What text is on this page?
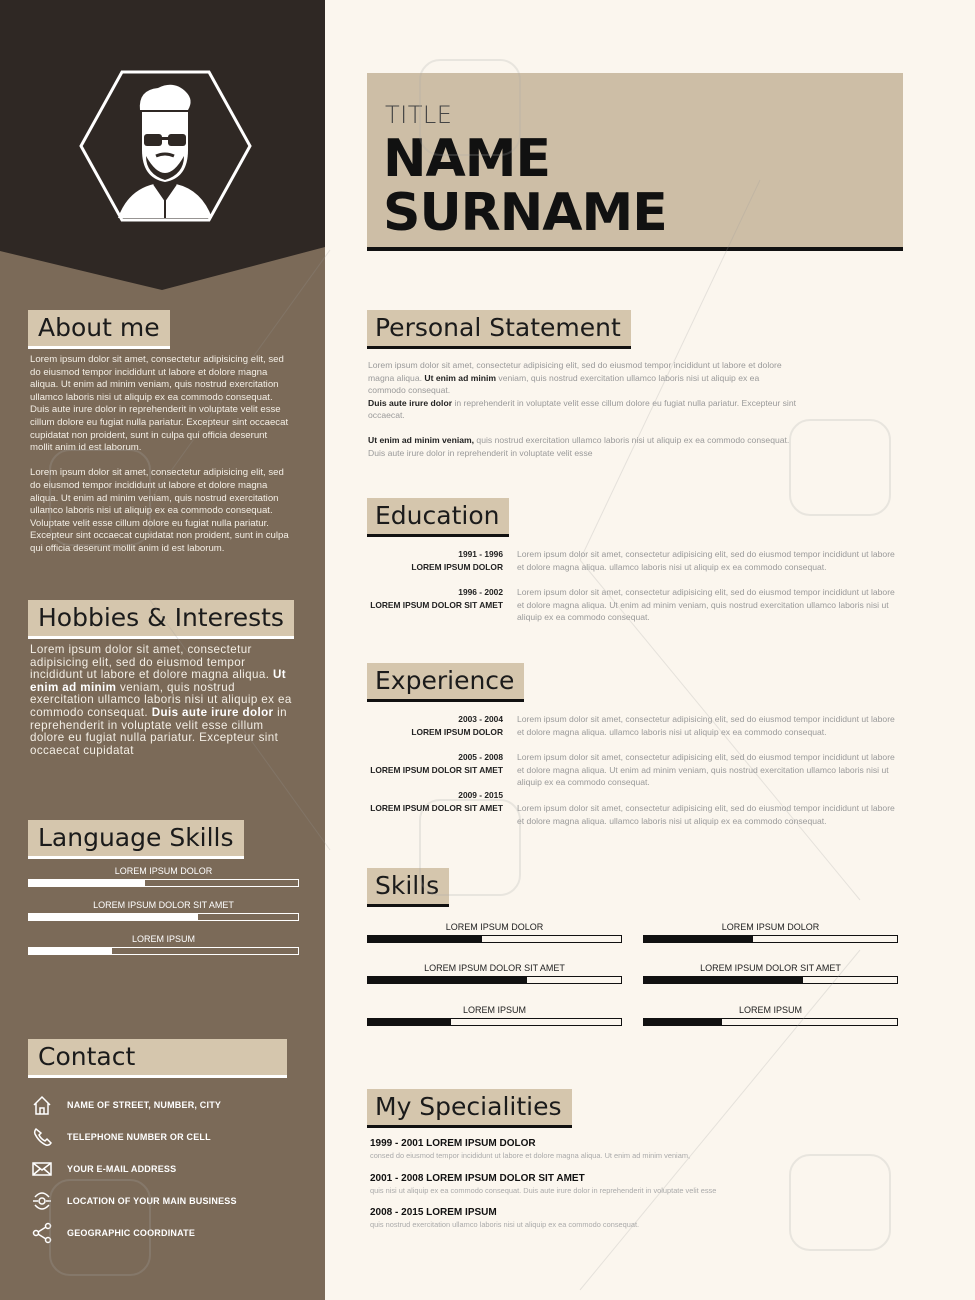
About me

Lorem ipsum dolor sit amet, consectetur adipisicing elit, sed do eiusmod tempor incididunt ut labore et dolore magna aliqua. Ut enim ad minim veniam, quis nostrud exercitation ullamco laboris nisi ut aliquip ex ea commodo consequat. Duis aute irure dolor in reprehenderit in voluptate velit esse cillum dolore eu fugiat nulla pariatur. Excepteur sint occaecat cupidatat non proident, sunt in culpa qui officia deserunt mollit anim id est laborum.

Lorem ipsum dolor sit amet, consectetur adipisicing elit, sed do eiusmod tempor incididunt ut labore et dolore magna aliqua. Ut enim ad minim veniam, quis nostrud exercitation ullamco laboris nisi ut aliquip ex ea commodo consequat. Voluptate velit esse cillum dolore eu fugiat nulla pariatur. Excepteur sint occaecat cupidatat non proident, sunt in culpa qui officia deserunt mollit anim id est laborum.

Hobbies & Interests
Lorem ipsum dolor sit amet, consectetur adipisicing elit, sed do eiusmod tempor incididunt ut labore et dolore magna aliqua. Ut enim ad minim veniam, quis nostrud exercitation ullamco laboris nisi ut aliquip ex ea commodo consequat. Duis aute irure dolor in reprehenderit in voluptate velit esse cillum dolore eu fugiat nulla pariatur. Excepteur sint occaecat cupidatat
Language Skills
LOREM IPSUM DOLOR
LOREM IPSUM DOLOR SIT AMET
LOREM IPSUM
Contact
NAME OF STREET, NUMBER, CITY
TELEPHONE NUMBER OR CELL
YOUR E-MAIL ADDRESS
LOCATION OF YOUR MAIN BUSINESS
GEOGRAPHIC COORDINATE
TITLE
NAME
SURNAME
Personal Statement
Lorem ipsum dolor sit amet, consectetur adipisicing elit, sed do eiusmod tempor incididunt ut labore et dolore magna aliqua. Ut enim ad minim veniam, quis nostrud exercitation ullamco laboris nisi ut aliquip ex ea commodo consequat.
Duis aute irure dolor in reprehenderit in voluptate velit esse cillum dolore eu fugiat nulla pariatur. Excepteur sint occaecat.
Ut enim ad minim veniam, quis nostrud exercitation ullamco laboris nisi ut aliquip ex ea commodo consequat. Duis aute irure dolor in reprehenderit in voluptate velit esse
Education
1991 - 1996
LOREM IPSUM DOLOR
Lorem ipsum dolor sit amet, consectetur adipisicing elit, sed do eiusmod tempor incididunt ut labore et dolore magna aliqua. ullamco laboris nisi ut aliquip ex ea commodo consequat.
1996 - 2002
LOREM IPSUM DOLOR SIT AMET
Lorem ipsum dolor sit amet, consectetur adipisicing elit, sed do eiusmod tempor incididunt ut labore et dolore magna aliqua. Ut enim ad minim veniam, quis nostrud exercitation ullamco laboris nisi ut aliquip ex ea commodo consequat.
Experience
2003 - 2004
LOREM IPSUM DOLOR
Lorem ipsum dolor sit amet, consectetur adipisicing elit, sed do eiusmod tempor incididunt ut labore et dolore magna aliqua. ullamco laboris nisi ut aliquip ex ea commodo consequat.
2005 - 2008
LOREM IPSUM DOLOR SIT AMET
Lorem ipsum dolor sit amet, consectetur adipisicing elit, sed do eiusmod tempor incididunt ut labore et dolore magna aliqua. Ut enim ad minim veniam, quis nostrud exercitation ullamco laboris nisi ut aliquip ex ea commodo consequat.
2009 - 2015
LOREM IPSUM DOLOR SIT AMET Lorem ipsum dolor sit amet, consectetur adipisicing elit, sed do eiusmod tempor incididunt ut labore et dolore magna aliqua. ullamco laboris nisi ut aliquip ex ea commodo consequat.
Skills
LOREM IPSUM DOLOR
LOREM IPSUM DOLOR SIT AMET
LOREM IPSUM
LOREM IPSUM DOLOR
LOREM IPSUM DOLOR SIT AMET
LOREM IPSUM
My Specialities
1999 - 2001 LOREM IPSUM DOLOR
consed do eiusmod tempor incididunt ut labore et dolore magna aliqua. Ut enim ad minim veniam,
2001 - 2008 LOREM IPSUM DOLOR SIT AMET
quis nisi ut aliquip ex ea commodo consequat. Duis aute irure dolor in reprehenderit in voluptate velit esse
2008 - 2015 LOREM IPSUM
quis nostrud exercitation ullamco laboris nisi ut aliquip ex ea commodo consequat.
